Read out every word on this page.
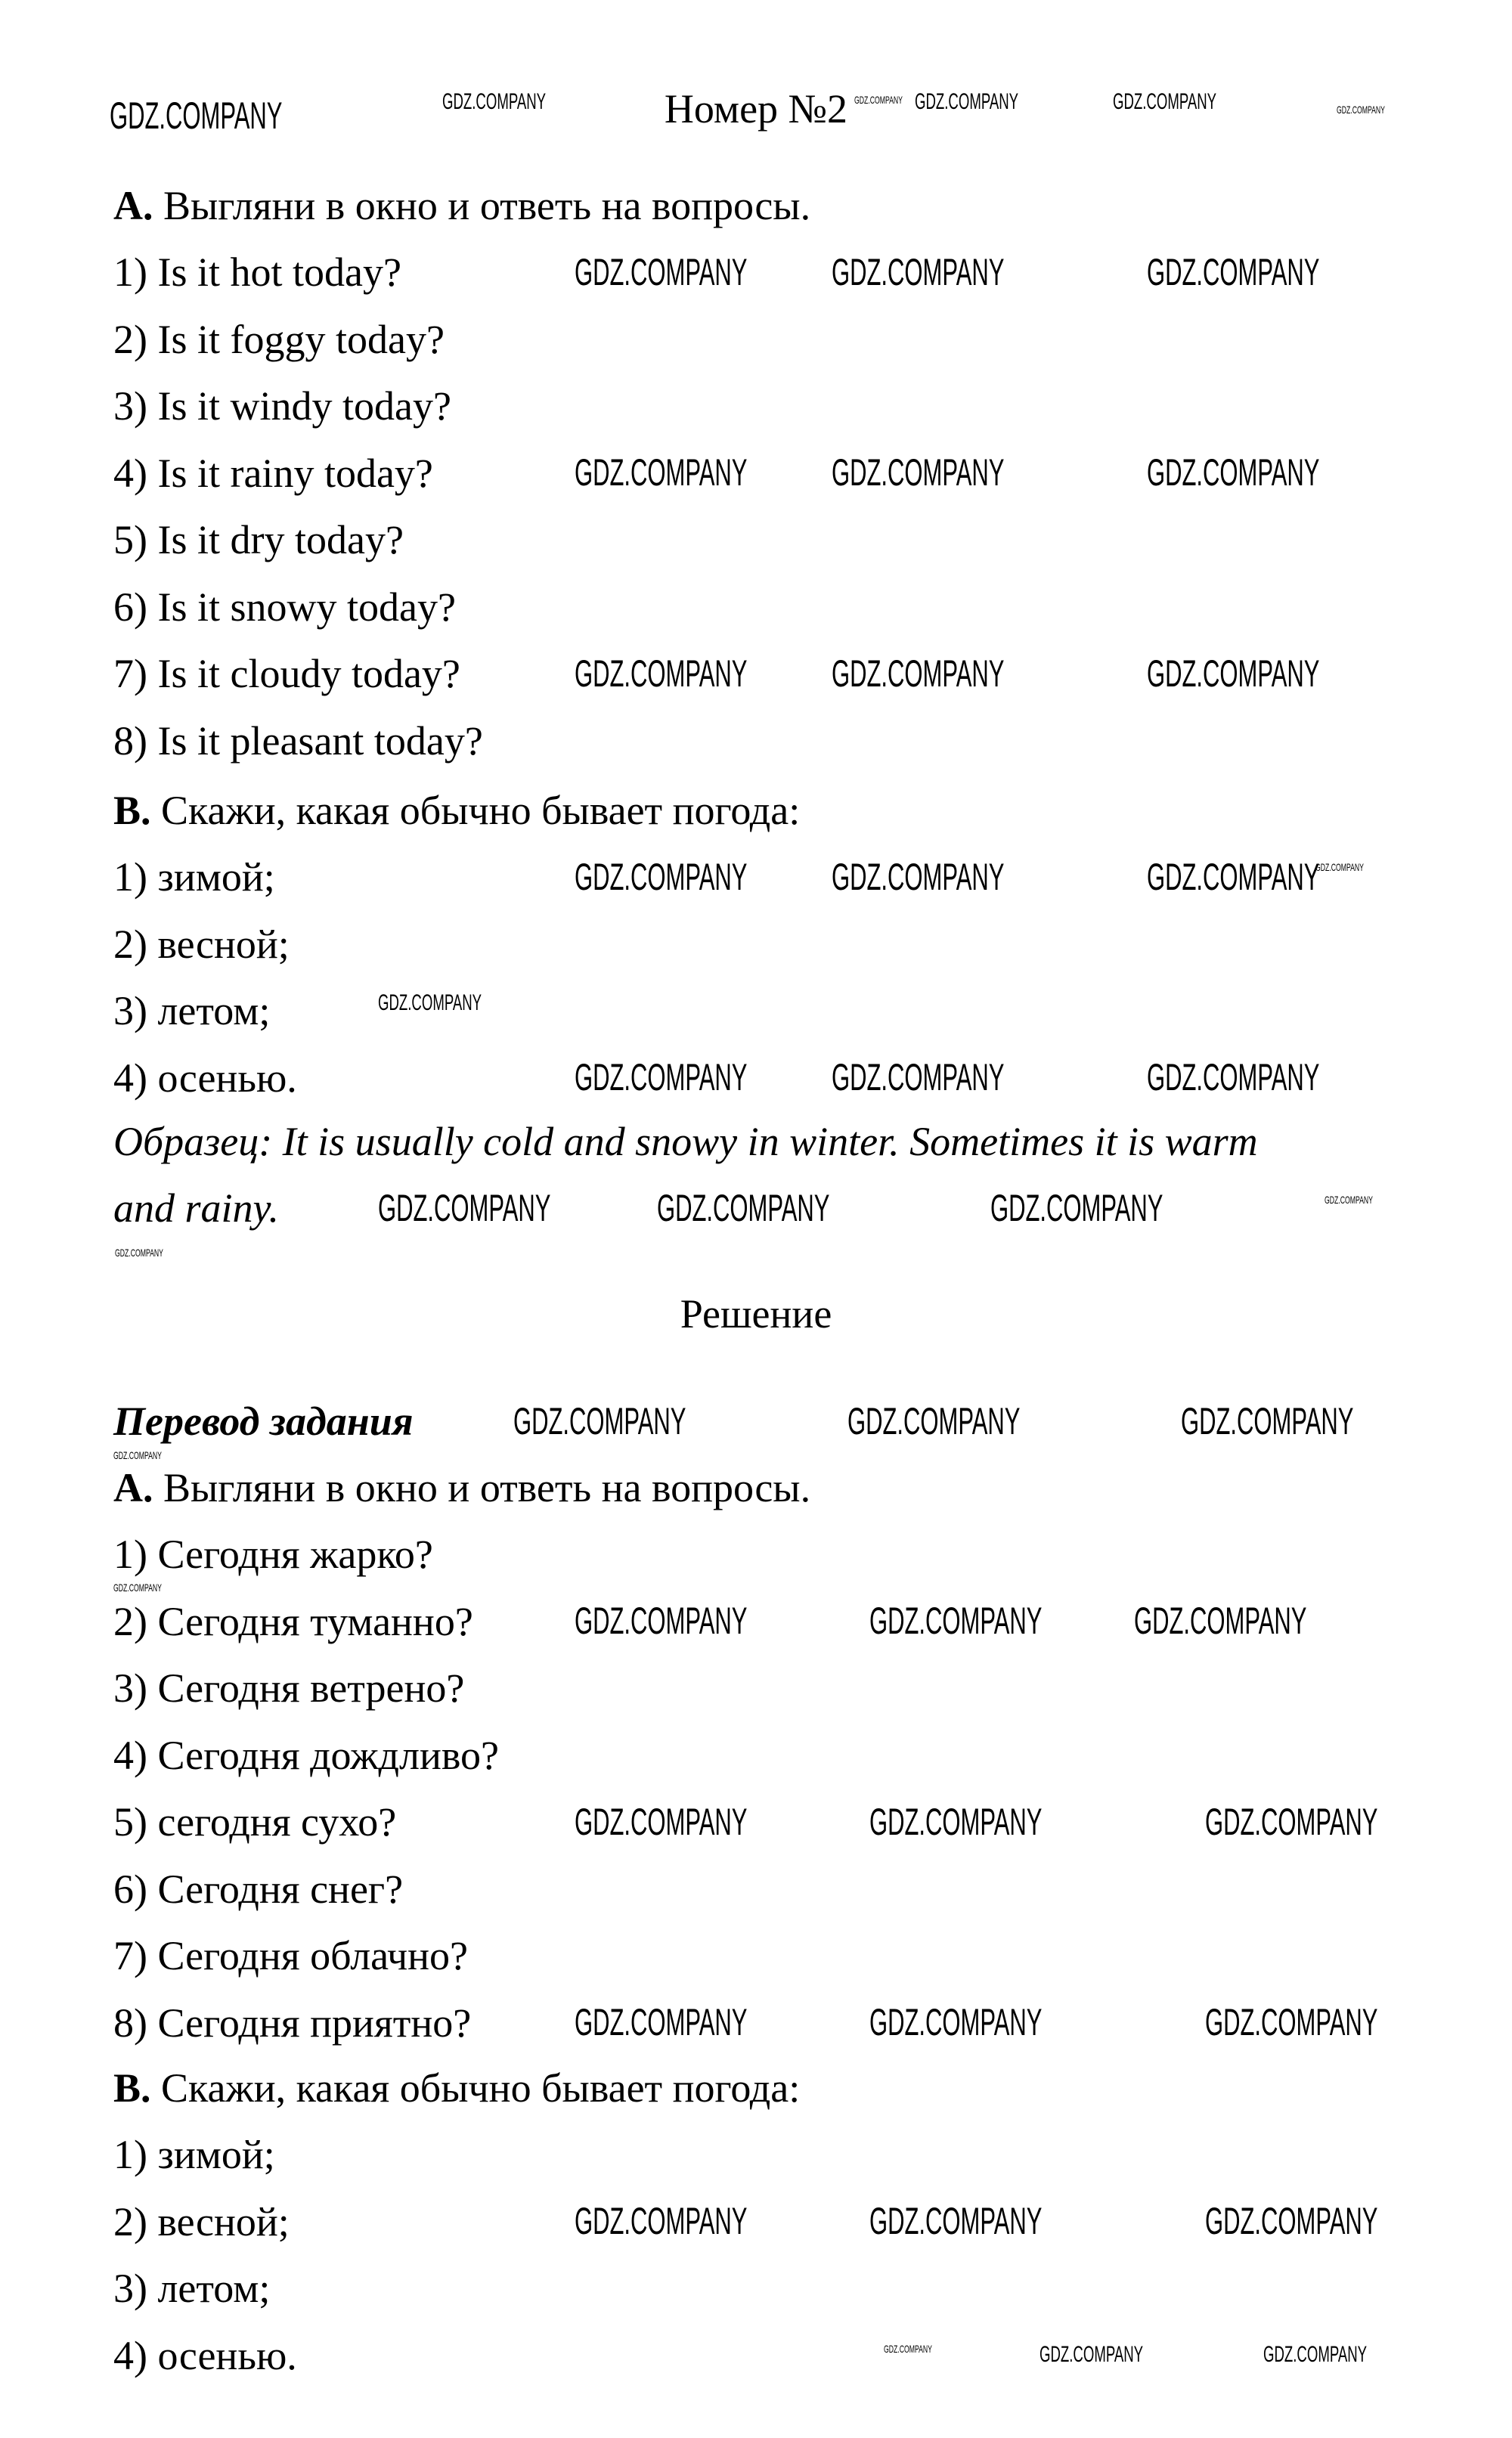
Номер №2
A. Выгляни в окно и ответь на вопросы.
1) Is it hot today?
2) Is it foggy today?
3) Is it windy today?
4) Is it rainy today?
5) Is it dry today?
6) Is it snowy today?
7) Is it cloudy today?
8) Is it pleasant today?
B. Скажи, какая обычно бывает погода:
1) зимой;
2) весной;
3) летом;
4) осенью.
Образец: It is usually cold and snowy in winter. Sometimes it is warm
and rainy.
Решение
Перевод задания
A. Выгляни в окно и ответь на вопросы.
1) Сегодня жарко?
2) Сегодня туманно?
3) Сегодня ветрено?
4) Сегодня дождливо?
5) сегодня сухо?
6) Сегодня снег?
7) Сегодня облачно?
8) Сегодня приятно?
B. Скажи, какая обычно бывает погода:
1) зимой;
2) весной;
3) летом;
4) осенью.
GDZ.COMPANY	GDZ.COMPANY	GDZ.COMPANY GDZ.COMPANY	GDZ.COMPANY	GDZ.COMPANY
GDZ.COMPANY GDZ.COMPANY	GDZ.COMPANY
GDZ.COMPANY GDZ.COMPANY	GDZ.COMPANY
GDZ.COMPANY GDZ.COMPANY	GDZ.COMPANY
GDZ.COMPANY GDZ.COMPANY	GDZ.COMPANY
GDZ.COMPANY
GDZ.COMPANY
GDZ.COMPANY GDZ.COMPANY	GDZ.COMPANY
GDZ.COMPANY	GDZ.COMPANY	GDZ.COMPANY	GDZ.COMPANY
GDZ.COMPANY
GDZ.COMPANY	GDZ.COMPANY	GDZ.COMPANY
GDZ.COMPANY
GDZ.COMPANY
GDZ.COMPANY	GDZ.COMPANY GDZ.COMPANY
GDZ.COMPANY	GDZ.COMPANY	GDZ.COMPANY
GDZ.COMPANY	GDZ.COMPANY	GDZ.COMPANY
GDZ.COMPANY	GDZ.COMPANY	GDZ.COMPANY
GDZ.COMPANY	GDZ.COMPANY	GDZ.COMPANY
